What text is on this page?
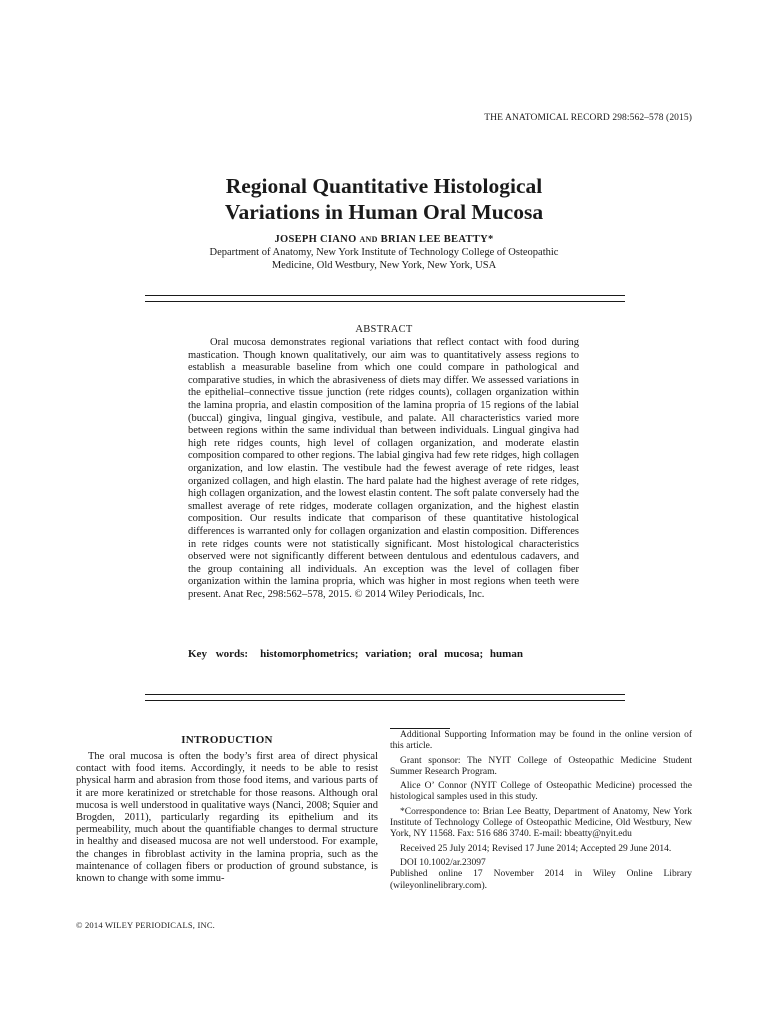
THE ANATOMICAL RECORD 298:562–578 (2015)
Regional Quantitative Histological
Variations in Human Oral Mucosa
JOSEPH CIANO AND BRIAN LEE BEATTY*
Department of Anatomy, New York Institute of Technology College of Osteopathic
Medicine, Old Westbury, New York, New York, USA
ABSTRACT
Oral mucosa demonstrates regional variations that reflect contact with food during mastication. Though known qualitatively, our aim was to quantitatively assess regions to establish a measurable baseline from which one could compare in pathological and comparative studies, in which the abrasiveness of diets may differ. We assessed variations in the epithelial–connective tissue junction (rete ridges counts), collagen organization within the lamina propria, and elastin composition of the lamina propria of 15 regions of the labial (buccal) gingiva, lingual gingiva, vestibule, and palate. All characteristics varied more between regions within the same individual than between individuals. Lingual gingiva had high rete ridges counts, high level of collagen organization, and moderate elastin composition compared to other regions. The labial gingiva had few rete ridges, high collagen organization, and low elastin. The vestibule had the fewest average of rete ridges, least organized collagen, and high elastin. The hard palate had the highest average of rete ridges, high collagen organization, and the lowest elastin content. The soft palate conversely had the smallest average of rete ridges, moderate collagen organization, and the highest elastin composition. Our results indicate that comparison of these quantitative histological differences is warranted only for collagen organization and elastin composition. Differences in rete ridges counts were not statistically significant. Most histological characteristics observed were not significantly different between dentulous and edentulous cadavers, and the group containing all individuals. An exception was the level of collagen fiber organization within the lamina propria, which was higher in most regions when teeth were present. Anat Rec, 298:562–578, 2015. © 2014 Wiley Periodicals, Inc.
Key words: histomorphometrics; variation; oral mucosa; human
INTRODUCTION
The oral mucosa is often the body’s first area of direct physical contact with food items. Accordingly, it needs to be able to resist physical harm and abrasion from those food items, and various parts of it are more keratinized or stretchable for those reasons. Although oral mucosa is well understood in qualitative ways (Nanci, 2008; Squier and Brogden, 2011), particularly regarding its epithelium and its permeability, much about the quantifiable changes to dermal structure in healthy and diseased mucosa are not well understood. For example, the changes in fibroblast activity in the lamina propria, such as the maintenance of collagen fibers or production of ground substance, is known to change with some immu-

Additional Supporting Information may be found in the online version of this article.

Grant sponsor: The NYIT College of Osteopathic Medicine Student Summer Research Program.

Alice O’ Connor (NYIT College of Osteopathic Medicine) processed the histological samples used in this study.

*Correspondence to: Brian Lee Beatty, Department of Anatomy, New York Institute of Technology College of Osteopathic Medicine, Old Westbury, New York, NY 11568. Fax: 516 686 3740. E-mail: bbeatty@nyit.edu

Received 25 July 2014; Revised 17 June 2014; Accepted 29 June 2014.

DOI 10.1002/ar.23097

Published online 17 November 2014 in Wiley Online Library (wileyonlinelibrary.com).

© 2014 WILEY PERIODICALS, INC.
